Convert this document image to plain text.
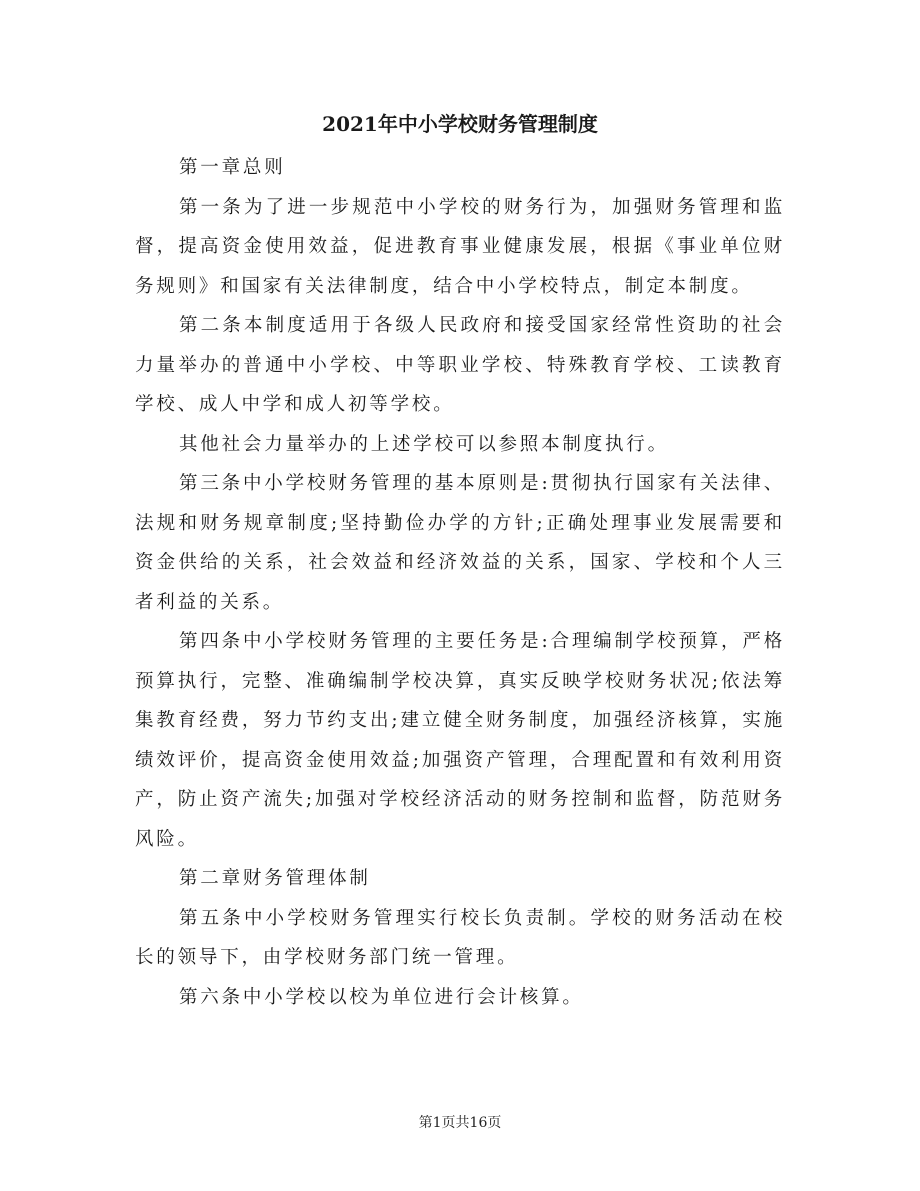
2021年中小学校财务管理制度

第一章总则

第一条为了进一步规范中小学校的财务行为，加强财务管理和监督，提高资金使用效益，促进教育事业健康发展，根据《事业单位财务规则》和国家有关法律制度，结合中小学校特点，制定本制度。

第二条本制度适用于各级人民政府和接受国家经常性资助的社会力量举办的普通中小学校、中等职业学校、特殊教育学校、工读教育学校、成人中学和成人初等学校。

其他社会力量举办的上述学校可以参照本制度执行。

第三条中小学校财务管理的基本原则是:贯彻执行国家有关法律、法规和财务规章制度;坚持勤俭办学的方针;正确处理事业发展需要和资金供给的关系，社会效益和经济效益的关系，国家、学校和个人三者利益的关系。

第四条中小学校财务管理的主要任务是:合理编制学校预算，严格预算执行，完整、准确编制学校决算，真实反映学校财务状况;依法筹集教育经费，努力节约支出;建立健全财务制度，加强经济核算，实施绩效评价，提高资金使用效益;加强资产管理，合理配置和有效利用资产，防止资产流失;加强对学校经济活动的财务控制和监督，防范财务风险。

第二章财务管理体制

第五条中小学校财务管理实行校长负责制。学校的财务活动在校长的领导下，由学校财务部门统一管理。

第六条中小学校以校为单位进行会计核算。

第1页共16页
